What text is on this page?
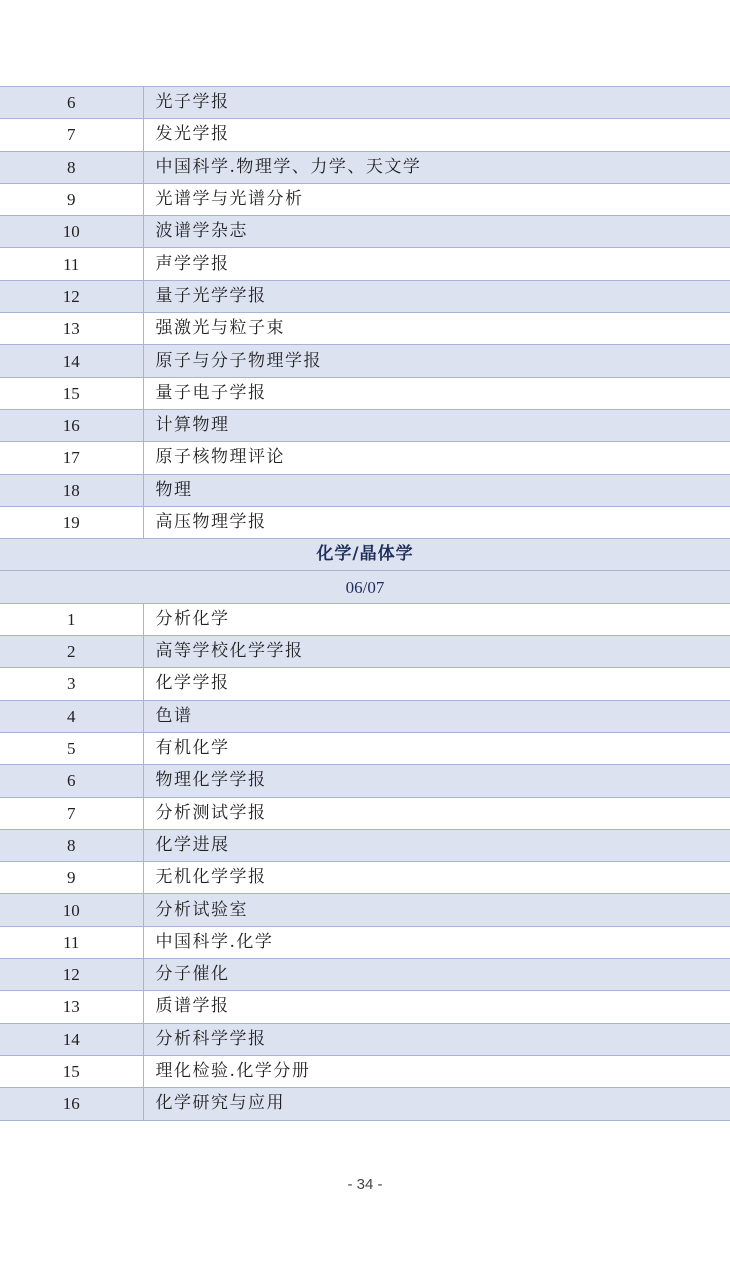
6	光子学报
7	发光学报
8	中国科学.物理学、力学、天文学
9	光谱学与光谱分析
10	波谱学杂志
11	声学学报
12	量子光学学报
13	强激光与粒子束
14	原子与分子物理学报
15	量子电子学报
16	计算物理
17	原子核物理评论
18	物理
19	高压物理学报
化学/晶体学	
06/07	
1	分析化学
2	高等学校化学学报
3	化学学报
4	色谱
5	有机化学
6	物理化学学报
7	分析测试学报
8	化学进展
9	无机化学学报
10	分析试验室
11	中国科学.化学
12	分子催化
13	质谱学报
14	分析科学学报
15	理化检验.化学分册
16	化学研究与应用
- 34 -
